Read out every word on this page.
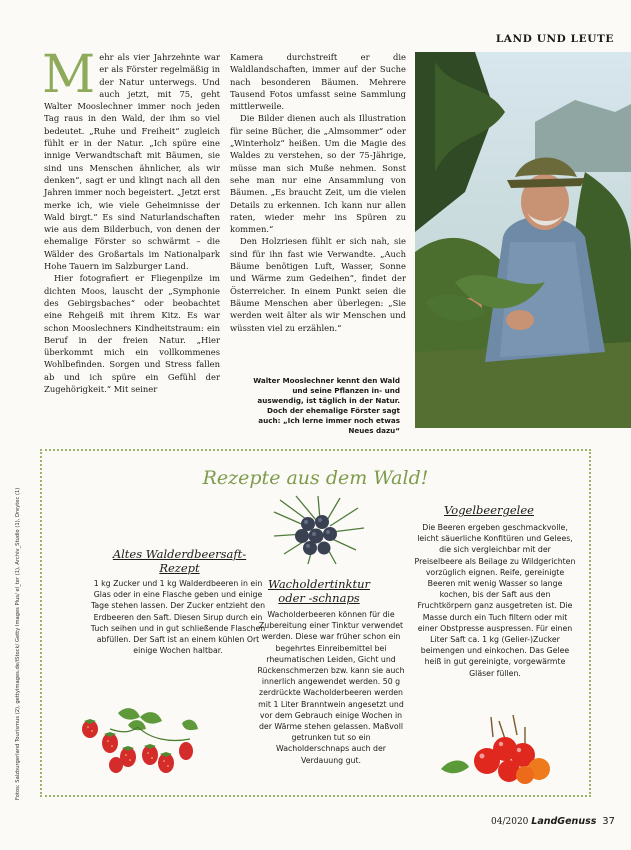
LAND UND LEUTE

Mehr als vier Jahrzehnte war er als Förster regelmäßig in der Natur unterwegs. Und auch jetzt, mit 75, geht Walter Mooslechner immer noch jeden Tag raus in den Wald, der ihm so viel bedeutet. „Ruhe und Freiheit“ zugleich fühlt er in der Natur. „Ich spüre eine innige Verwandtschaft mit Bäumen, sie sind uns Menschen ähnlicher, als wir denken“, sagt er und klingt nach all den Jahren immer noch begeistert. „Jetzt erst merke ich, wie viele Geheimnisse der Wald birgt.“ Es sind Naturlandschaften wie aus dem Bilderbuch, von denen der ehemalige Förster so schwärmt – die Wälder des Großartals im Nationalpark Hohe Tauern im Salzburger Land.

Hier fotografiert er Fliegenpilze im dichten Moos, lauscht der „Symphonie des Gebirgsbaches“ oder beobachtet eine Rehgeiß mit ihrem Kitz. Es war schon Mooslechners Kindheitstraum: ein Beruf in der freien Natur. „Hier überkommt mich ein vollkommenes Wohlbefinden. Sorgen und Stress fallen ab und ich spüre ein Gefühl der Zugehörigkeit.“ Mit seiner

Kamera durchstreift er die Waldlandschaften, immer auf der Suche nach besonderen Bäumen. Mehrere Tausend Fotos umfasst seine Sammlung mittlerweile.

Die Bilder dienen auch als Illustration für seine Bücher, die „Almsommer“ oder „Winterholz“ heißen. Um die Magie des Waldes zu verstehen, so der 75-Jährige, müsse man sich Muße nehmen. Sonst sehe man nur eine Ansammlung von Bäumen. „Es braucht Zeit, um die vielen Details zu erkennen. Ich kann nur allen raten, wieder mehr ins Spüren zu kommen.“

Den Holzriesen fühlt er sich nah, sie sind für ihn fast wie Verwandte. „Auch Bäume benötigen Luft, Wasser, Sonne und Wärme zum Gedeihen“, findet der Österreicher. In einem Punkt seien die Bäume Menschen aber überlegen: „Sie werden weit älter als wir Menschen und wüssten viel zu erzählen.“

Walter Mooslechner kennt den Wald und seine Pflanzen in- und auswendig, ist täglich in der Natur. Doch der ehemalige Förster sagt auch: „Ich lerne immer noch etwas Neues dazu“
Fotos: Salzburgerland Tourismus (2), gettyimages.de/iStock/ Getty Images Plus/ el_ter (1), Archiv_Studio (1), Dreytec (1)
Rezepte aus dem Wald!
Altes Walderdbeersaft-Rezept
1 kg Zucker und 1 kg Walderdbeeren in ein Glas oder in eine Flasche geben und einige Tage stehen lassen. Der Zucker entzieht den Erdbeeren den Saft. Diesen Sirup durch ein Tuch seihen und in gut schließende Flaschen abfüllen. Der Saft ist an einem kühlen Ort einige Wochen haltbar.
Wacholdertinktur oder -schnaps
Wacholderbeeren können für die Zubereitung einer Tinktur verwendet werden. Diese war früher schon ein begehrtes Einreibemittel bei rheumatischen Leiden, Gicht und Rückenschmerzen bzw. kann sie auch innerlich angewendet werden. 50 g zerdrückte Wacholderbeeren werden mit 1 Liter Branntwein angesetzt und vor dem Gebrauch einige Wochen in der Wärme stehen gelassen. Maßvoll getrunken tut so ein Wacholderschnaps auch der Verdauung gut.
Vogelbeergelee
Die Beeren ergeben geschmackvolle, leicht säuerliche Konfitüren und Gelees, die sich vergleichbar mit der Preiselbeere als Beilage zu Wildgerichten vorzüglich eignen. Reife, gereinigte Beeren mit wenig Wasser so lange kochen, bis der Saft aus den Fruchtkörpern ganz ausgetreten ist. Die Masse durch ein Tuch filtern oder mit einer Obstpresse auspressen. Für einen Liter Saft ca. 1 kg (Gelier-)Zucker beimengen und einkochen. Das Gelee heiß in gut gereinigte, vorgewärmte Gläser füllen.
04/2020 LandGenuss 37
